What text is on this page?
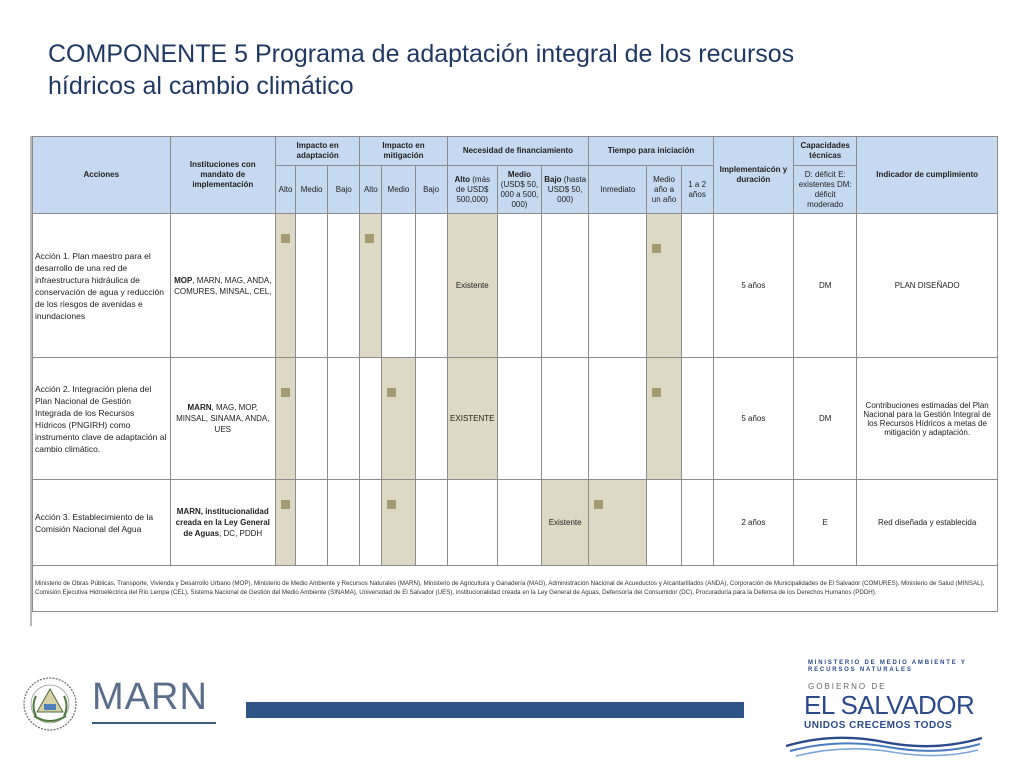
COMPONENTE 5 Programa de adaptación integral de los recursos
hídricos al cambio climático
Acciones	Instituciones con mandato de implementación	Impacto en adaptación			Impacto en mitigación			Necesidad de financiamiento			Tiempo para iniciación			Implementaicón y duración	Capacidades técnicas	Indicador de cumplimiento
		Alto	Medio	Bajo	Alto	Medio	Bajo	Alto (más de USD$ 500,000)	Medio (USD$ 50, 000 a 500, 000)	Bajo (hasta USD$ 50, 000)	Inmediato	Medio año a un año	1 a 2 años		D: déficit E: existentes DM: déficit moderado	
Acción 1. Plan maestro para el desarrollo de una red de infraestructura hidráulica de conservación de agua y reducción de los riesgos de avenidas e inundaciones	MOP, MARN, MAG, ANDA, COMURES, MINSAL, CEL,							Existente						5 años	DM	PLAN DISEÑADO
Acción 2. Integración plena del Plan Nacional de Gestión Integrada de los Recursos Hídricos (PNGIRH) como instrumento clave de adaptación al cambio climático.	MARN, MAG, MOP, MINSAL, SINAMA, ANDA, UES							EXISTENTE						5 años	DM	Contribuciones estimadas del Plan Nacional para la Gestión Integral de los Recursos Hídricos a metas de mitigación y adaptación.
Acción 3. Establecimiento de la Comisión Nacional del Agua	MARN, institucionalidad creada en la Ley General de Aguas, DC, PDDH									Existente				2 años	E	Red diseñada y establecida
Ministerio de Obras Públicas, Transporte, Vivienda y Desarrollo Urbano (MOP), Ministerio de Medio Ambiente y Recursos Naturales (MARN), Ministerio de Agricultura y Ganadería (MAG), Administración Nacional de Acueductos y Alcantarillados (ANDA), Corporación de Municipalidades de El Salvador (COMURES), Ministerio de Salud (MINSAL), Comisión Ejecutiva Hidroeléctrica del Río Lempa (CEL), Sistema Nacional de Gestión del Medio Ambiente (SINAMA), Universidad de El Salvador (UES), institucionalidad creada en la Ley General de Aguas, Defensoría del Consumidor (DC), Procuraduría para la Defensa de los Derechos Humanos (PDDH).																
MARN
MINISTERIO DE MEDIO AMBIENTE Y RECURSOS NATURALES
GOBIERNO DE
EL SALVADOR
UNIDOS CRECEMOS TODOS
